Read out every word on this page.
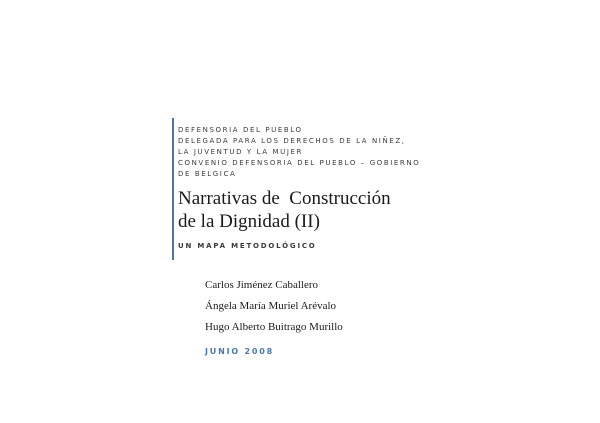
DEFENSORIA DEL PUEBLO
DELEGADA PARA LOS DERECHOS DE LA NIÑEZ,
LA JUVENTUD Y LA MUJER
CONVENIO DEFENSORIA DEL PUEBLO – GOBIERNO
DE BELGICA

Narrativas de  Construcción
de la Dignidad (II)

UN MAPA METODOLÓGICO

Carlos Jiménez Caballero
Ángela María Muriel Arévalo
Hugo Alberto Buitrago Murillo

JUNIO 2008
